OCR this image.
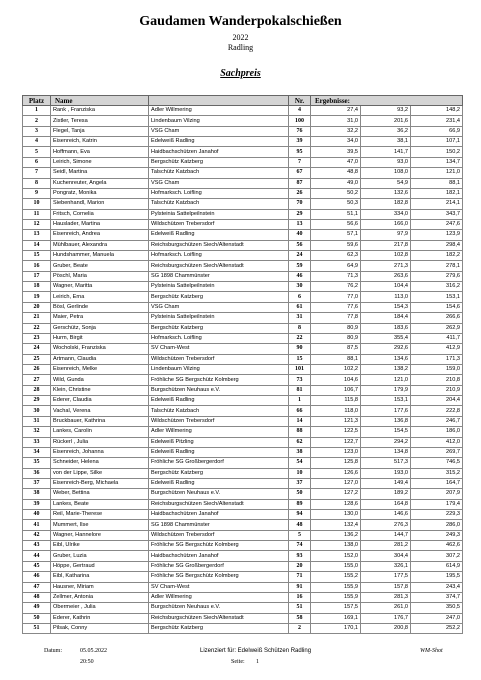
Gaudamen Wanderpokalschießen
2022
Radling
Sachpreis
Platz	Name		Nr.	Ergebnisse:		
1	Rank , Franziska	Adler Willmering	4	27,4	93,2	148,2
2	Zistler, Teresa	Lindenbaum Vilzing	100	31,0	201,6	231,4
3	Flegel, Tanja	VSG Cham	76	32,2	36,2	66,9
4	Eisenreich, Katrin	Edelweiß Radling	39	34,0	38,1	107,1
5	Hoffmann, Eva	Haidbachschützen Janahof	95	39,5	141,7	150,2
6	Leirich, Simone	Bergschütz Katzberg	7	47,0	93,0	134,7
7	Seidl, Martina	Talschütz Katzbach	67	48,8	108,0	121,0
8	Kuchenreuter, Angela	VSG Cham	87	49,0	54,9	88,1
9	Pongratz, Monika	Hofmarksch. Loifling	26	50,2	132,6	182,1
10	Siebenhandl, Marion	Talschütz Katzbach	70	50,3	182,8	214,1
11	Fritsch, Cornelia	Pylsteinia Sattelpeilnstein	29	51,1	334,0	343,7
12	Hauslader, Martina	Wildschützen Trebersdorf	13	56,6	166,0	247,6
13	Eisenreich, Andrea	Edelweiß Radling	40	57,1	97,9	123,9
14	Mühlbauer, Alexandra	Reichsburgschützen Siech/Altenstadt	56	59,6	217,8	298,4
15	Hundshammer, Manuela	Hofmarksch. Loifling	24	62,3	102,8	182,2
16	Gruber, Beate	Reichsburgschützen Siech/Altenstadt	59	64,9	271,3	278,1
17	Pöschl, Maria	SG 1898 Chammünster	46	71,3	263,6	279,6
18	Wagner, Maritta	Pylsteinia Sattelpeilnstein	30	76,2	104,4	316,2
19	Leirich, Erna	Bergschütz Katzberg	6	77,0	113,0	153,1
20	Bösl, Gerlinde	VSG Cham	61	77,6	154,3	154,6
21	Maier, Petra	Pylsteinia Sattelpeilnstein	31	77,8	184,4	266,6
22	Gerschütz, Sonja	Bergschütz Katzberg	8	80,9	183,6	262,9
23	Hurm, Birgit	Hofmarksch. Loifling	22	80,9	355,4	411,7
24	Wocholski, Franziska	SV Cham-West	90	87,5	292,6	412,9
25	Artmann, Claudia	Wildschützen Trebersdorf	15	88,1	134,6	171,3
26	Eisenreich, Melke	Lindenbaum Vilzing	101	102,2	138,2	159,0
27	Wild, Gunda	Fröhliche SG Bergschütz Kolmberg	73	104,6	121,0	210,8
28	Klein, Christine	Burgschützen Neuhaus e.V.	81	106,7	179,9	210,9
29	Ederer, Claudia	Edelweiß Radling	1	115,8	153,1	204,4
30	Vachal, Verena	Talschütz Katzbach	66	118,0	177,6	222,8
31	Bruckbauer, Kathrina	Wildschützen Trebersdorf	14	121,3	136,8	246,7
32	Lankes, Carolin	Adler Willmering	88	122,5	154,5	186,0
33	Rückerl , Julia	Edelweiß Pitzling	62	122,7	294,2	412,0
34	Eisenreich, Johanna	Edelweiß Radling	38	123,0	134,8	269,7
35	Schneider, Helena	Fröhliche SG Großbergerdorf	54	125,8	517,3	746,5
36	von der Lippe, Silke	Bergschütz Katzberg	10	126,6	193,0	315,2
37	Eisenreich-Berg, Michaela	Edelweiß Radling	37	127,0	149,4	164,7
38	Weber, Bettina	Burgschützen Neuhaus e.V.	50	127,2	189,2	207,9
39	Lankes, Beate	Reichsburgschützen Siech/Altenstadt	89	128,6	164,8	179,4
40	Reil, Marie-Therese	Haidbachschützen Janahof	94	130,0	146,6	229,3
41	Mummert, Ilse	SG 1898 Chammünster	48	132,4	276,3	286,0
42	Wagner, Hannelore	Wildschützen Trebersdorf	5	136,2	144,7	249,3
43	Eibl, Ulrike	Fröhliche SG Bergschütz Kolmberg	74	138,0	281,2	462,6
44	Gruber, Luzia	Haidbachschützen Janahof	93	152,0	304,4	307,2
45	Höppe, Gertraud	Fröhliche SG Großbergerdorf	20	155,0	326,1	614,9
46	Eibl, Katharina	Fröhliche SG Bergschütz Kolmberg	71	155,2	177,5	195,5
47	Hausner, Miriam	SV Cham-West	91	155,9	157,8	243,4
48	Zellmer, Antonia	Adler Willmering	16	155,9	281,3	374,7
49	Obermeier , Julia	Burgschützen Neuhaus e.V.	51	157,5	261,0	350,5
50	Ederer, Kathrin	Reichsburgschützen Siech/Altenstadt	58	169,1	176,7	247,0
51	Pilsak, Conny	Bergschütz Katzberg	2	170,1	200,8	252,2
Datum:	05.05.2022
20:50
Lizenziert für: Edelweiß Schützen Radling
Seite: 1
WM-Shot
